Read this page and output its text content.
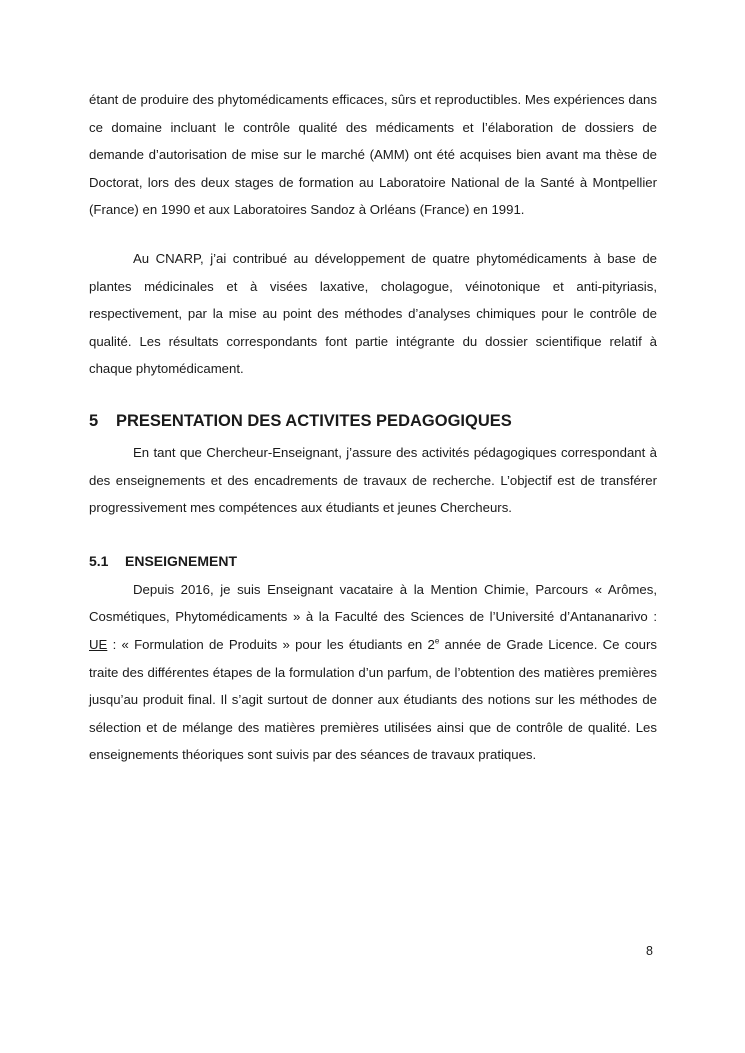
étant de produire des phytomédicaments efficaces, sûrs et reproductibles. Mes expériences dans ce domaine incluant le contrôle qualité des médicaments et l’élaboration de dossiers de demande d’autorisation de mise sur le marché (AMM) ont été acquises bien avant ma thèse de Doctorat, lors des deux stages de formation au Laboratoire National de la Santé à Montpellier (France) en 1990 et aux Laboratoires Sandoz à Orléans (France) en 1991.

Au CNARP, j’ai contribué au développement de quatre phytomédicaments à base de plantes médicinales et à visées laxative, cholagogue, véinotonique et anti-pityriasis, respectivement, par la mise au point des méthodes d’analyses chimiques pour le contrôle de qualité. Les résultats correspondants font partie intégrante du dossier scientifique relatif à chaque phytomédicament.

5	PRESENTATION DES ACTIVITES PEDAGOGIQUES

En tant que Chercheur-Enseignant, j’assure des activités pédagogiques correspondant à des enseignements et des encadrements de travaux de recherche. L’objectif est de transférer progressivement mes compétences aux étudiants et jeunes Chercheurs.

5.1	ENSEIGNEMENT

Depuis 2016, je suis Enseignant vacataire à la Mention Chimie, Parcours « Arômes, Cosmétiques, Phytomédicaments » à la Faculté des Sciences de l’Université d’Antananarivo : UE : « Formulation de Produits » pour les étudiants en 2e année de Grade Licence. Ce cours traite des différentes étapes de la formulation d’un parfum, de l’obtention des matières premières jusqu’au produit final. Il s’agit surtout de donner aux étudiants des notions sur les méthodes de sélection et de mélange des matières premières utilisées ainsi que de contrôle de qualité. Les enseignements théoriques sont suivis par des séances de travaux pratiques.

8
